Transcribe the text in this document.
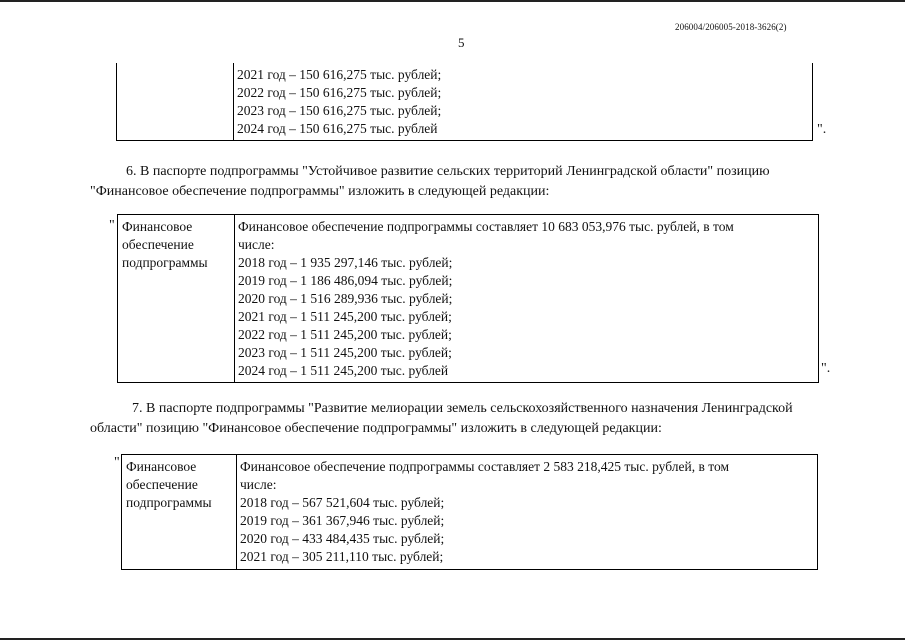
206004/206005-2018-3626(2)
5
2021 год – 150 616,275 тыс. рублей;
2022 год – 150 616,275 тыс. рублей;
2023 год – 150 616,275 тыс. рублей;
2024 год – 150 616,275 тыс. рублей	".
6. В паспорте подпрограммы "Устойчивое развитие сельских территорий Ленинградской области" позицию
"Финансовое обеспечение подпрограммы" изложить в следующей редакции:
" Финансовое
обеспечение
подпрограммы
Финансовое обеспечение подпрограммы составляет 10 683 053,976 тыс. рублей, в том
числе:
2018 год – 1 935 297,146 тыс. рублей;
2019 год – 1 186 486,094 тыс. рублей;
2020 год – 1 516 289,936 тыс. рублей;
2021 год – 1 511 245,200 тыс. рублей;
2022 год – 1 511 245,200 тыс. рублей;
2023 год – 1 511 245,200 тыс. рублей;
2024 год – 1 511 245,200 тыс. рублей	".
7. В паспорте подпрограммы "Развитие мелиорации земель сельскохозяйственного назначения Ленинградской
области" позицию "Финансовое обеспечение подпрограммы" изложить в следующей редакции:
" Финансовое
обеспечение
подпрограммы
Финансовое обеспечение подпрограммы составляет 2 583 218,425 тыс. рублей, в том
числе:
2018 год – 567 521,604 тыс. рублей;
2019 год – 361 367,946 тыс. рублей;
2020 год – 433 484,435 тыс. рублей;
2021 год – 305 211,110 тыс. рублей;
